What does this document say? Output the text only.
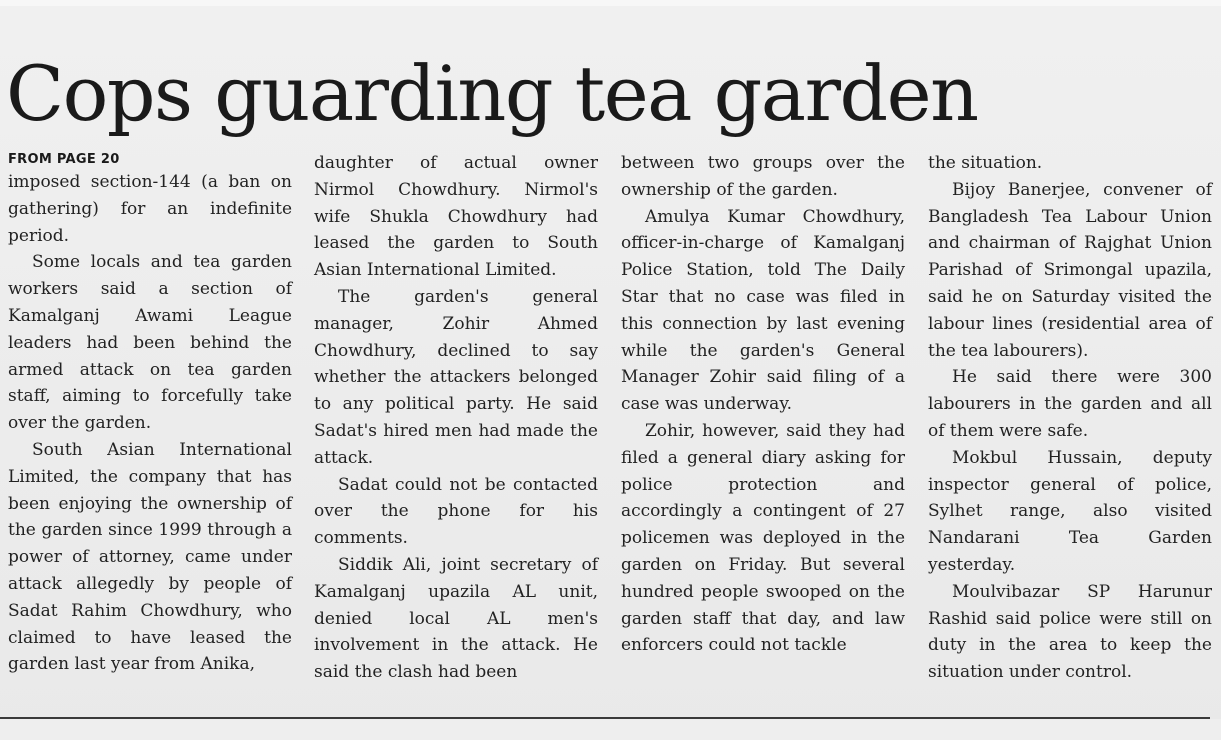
Cops guarding tea garden
FROM PAGE 20

imposed section-144 (a ban on gathering) for an indefinite period.

Some locals and tea garden workers said a section of Kamalganj Awami League leaders had been behind the armed attack on tea garden staff, aiming to forcefully take over the garden.

South Asian International Limited, the company that has been enjoying the ownership of the garden since 1999 through a power of attorney, came under attack allegedly by people of Sadat Rahim Chowdhury, who claimed to have leased the garden last year from Anika,

daughter of actual owner Nirmol Chowdhury. Nirmol's wife Shukla Chowdhury had leased the garden to South Asian International Limited.

The garden's general manager, Zohir Ahmed Chowdhury, declined to say whether the attackers belonged to any political party. He said Sadat's hired men had made the attack.

Sadat could not be contacted over the phone for his comments.

Siddik Ali, joint secretary of Kamalganj upazila AL unit, denied local AL men's involvement in the attack. He said the clash had been

between two groups over the ownership of the garden.

Amulya Kumar Chowdhury, officer-in-charge of Kamalganj Police Station, told The Daily Star that no case was filed in this connection by last evening while the garden's General Manager Zohir said filing of a case was underway.

Zohir, however, said they had filed a general diary asking for police protection and accordingly a contingent of 27 policemen was deployed in the garden on Friday. But several hundred people swooped on the garden staff that day, and law enforcers could not tackle

the situation.

Bijoy Banerjee, convener of Bangladesh Tea Labour Union and chairman of Rajghat Union Parishad of Srimongal upazila, said he on Saturday visited the labour lines (residential area of the tea labourers).

He said there were 300 labourers in the garden and all of them were safe.

Mokbul Hussain, deputy inspector general of police, Sylhet range, also visited Nandarani Tea Garden yesterday.

Moulvibazar SP Harunur Rashid said police were still on duty in the area to keep the situation under control.
